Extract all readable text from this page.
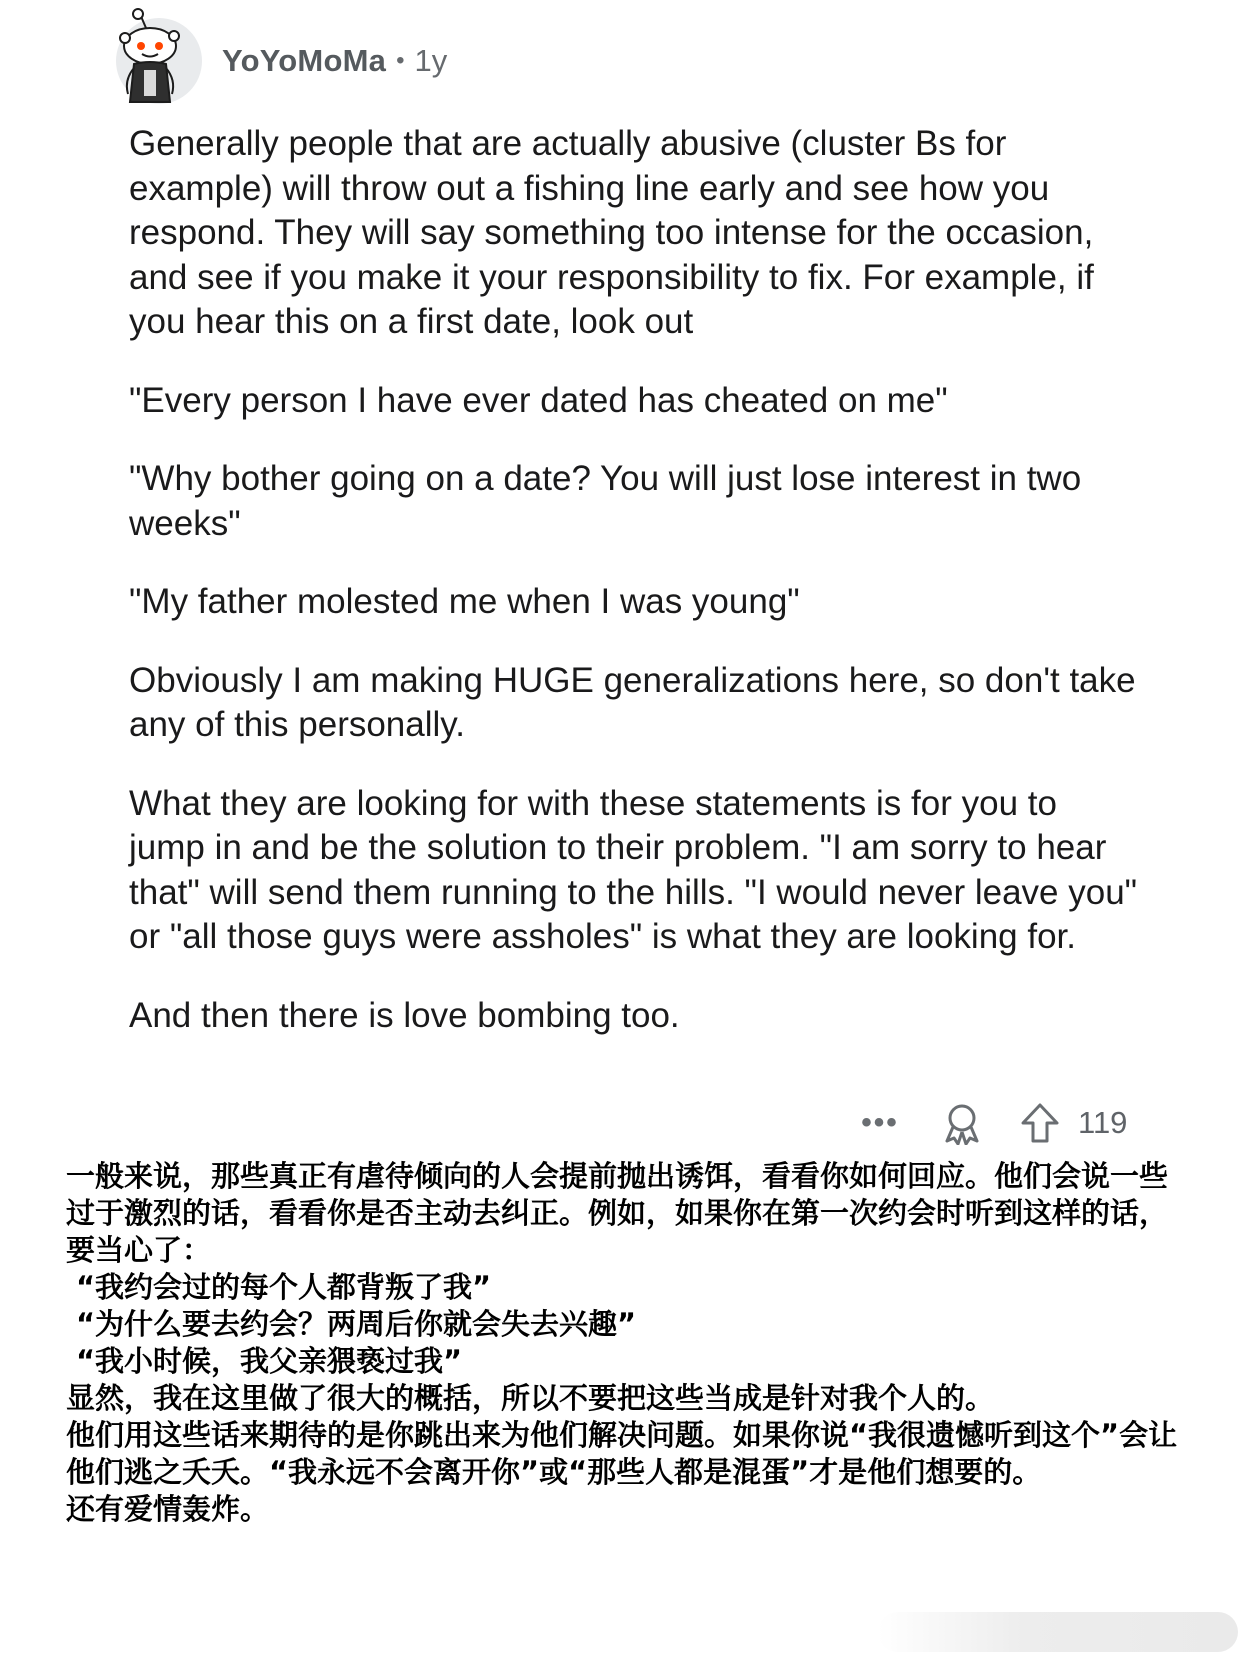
YoYoMoMa • 1y

Generally people that are actually abusive (cluster Bs for example) will throw out a fishing line early and see how you respond. They will say something too intense for the occasion, and see if you make it your responsibility to fix. For example, if you hear this on a first date, look out

"Every person I have ever dated has cheated on me"

"Why bother going on a date? You will just lose interest in two weeks"

"My father molested me when I was young"

Obviously I am making HUGE generalizations here, so don't take any of this personally.

What they are looking for with these statements is for you to jump in and be the solution to their problem. "I am sorry to hear that" will send them running to the hills. "I would never leave you" or "all those guys were assholes" is what they are looking for.

And then there is love bombing too.

•••	119
一般来说，那些真正有虐待倾向的人会提前抛出诱饵，看看你如何回应。他们会说一些过于激烈的话，看看你是否主动去纠正。例如，如果你在第一次约会时听到这样的话，要当心了：
“我约会过的每个人都背叛了我”
“为什么要去约会？两周后你就会失去兴趣”
“我小时候，我父亲猥亵过我”
显然，我在这里做了很大的概括，所以不要把这些当成是针对我个人的。
他们用这些话来期待的是你跳出来为他们解决问题。如果你说“我很遗憾听到这个”会让他们逃之夭夭。“我永远不会离开你”或“那些人都是混蛋”才是他们想要的。
还有爱情轰炸。
